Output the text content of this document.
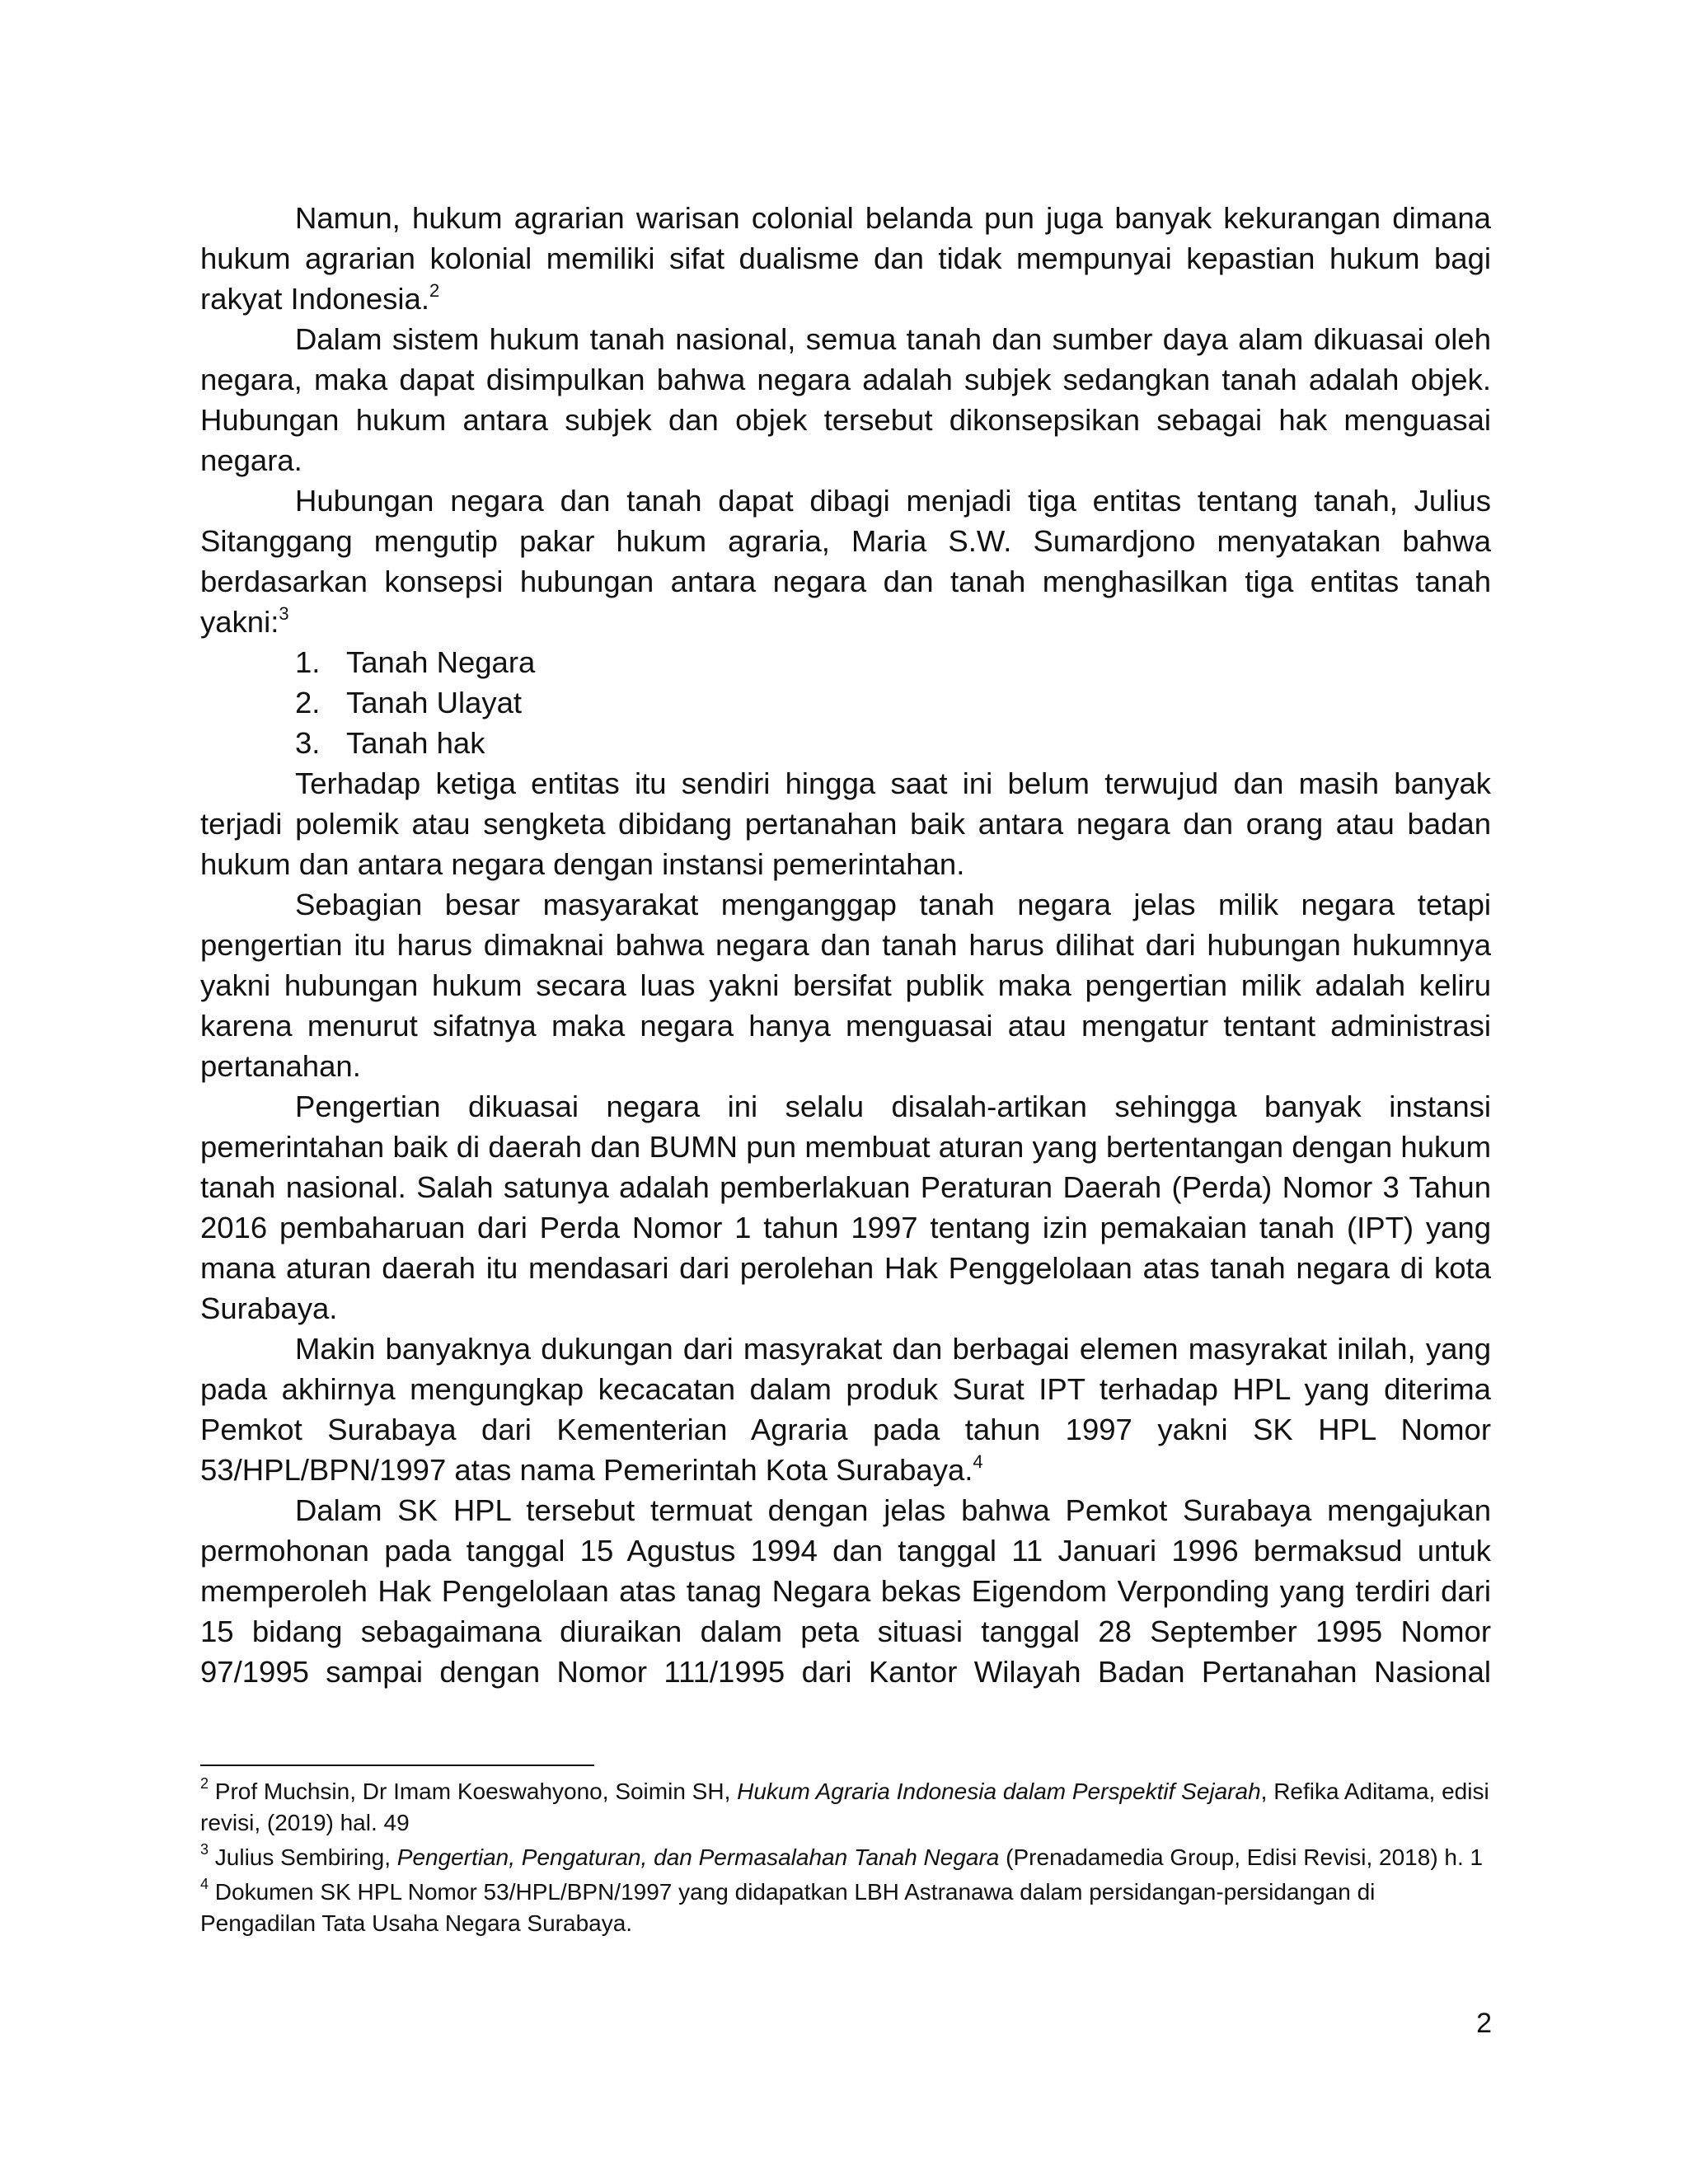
Namun, hukum agrarian warisan colonial belanda pun juga banyak kekurangan dimana hukum agrarian kolonial memiliki sifat dualisme dan tidak mempunyai kepastian hukum bagi rakyat Indonesia.$^2$

Dalam sistem hukum tanah nasional, semua tanah dan sumber daya alam dikuasai oleh negara, maka dapat disimpulkan bahwa negara adalah subjek sedangkan tanah adalah objek. Hubungan hukum antara subjek dan objek tersebut dikonsepsikan sebagai hak menguasai negara.

Hubungan negara dan tanah dapat dibagi menjadi tiga entitas tentang tanah, Julius Sitanggang mengutip pakar hukum agraria, Maria S.W. Sumardjono menyatakan bahwa berdasarkan konsepsi hubungan antara negara dan tanah menghasilkan tiga entitas tanah yakni:$^3$

1. Tanah Negara
2. Tanah Ulayat
3. Tanah hak

Terhadap ketiga entitas itu sendiri hingga saat ini belum terwujud dan masih banyak terjadi polemik atau sengketa dibidang pertanahan baik antara negara dan orang atau badan hukum dan antara negara dengan instansi pemerintahan.

Sebagian besar masyarakat menganggap tanah negara jelas milik negara tetapi pengertian itu harus dimaknai bahwa negara dan tanah harus dilihat dari hubungan hukumnya yakni hubungan hukum secara luas yakni bersifat publik maka pengertian milik adalah keliru karena menurut sifatnya maka negara hanya menguasai atau mengatur tentant administrasi pertanahan.

Pengertian dikuasai negara ini selalu disalah-artikan sehingga banyak instansi pemerintahan baik di daerah dan BUMN pun membuat aturan yang bertentangan dengan hukum tanah nasional. Salah satunya adalah pemberlakuan Peraturan Daerah (Perda) Nomor 3 Tahun 2016 pembaharuan dari Perda Nomor 1 tahun 1997 tentang izin pemakaian tanah (IPT) yang mana aturan daerah itu mendasari dari perolehan Hak Penggelolaan atas tanah negara di kota Surabaya.

Makin banyaknya dukungan dari masyrakat dan berbagai elemen masyrakat inilah, yang pada akhirnya mengungkap kecacatan dalam produk Surat IPT terhadap HPL yang diterima Pemkot Surabaya dari Kementerian Agraria pada tahun 1997 yakni SK HPL Nomor 53/HPL/BPN/1997 atas nama Pemerintah Kota Surabaya.$^4$

Dalam SK HPL tersebut termuat dengan jelas bahwa Pemkot Surabaya mengajukan permohonan pada tanggal 15 Agustus 1994 dan tanggal 11 Januari 1996 bermaksud untuk memperoleh Hak Pengelolaan atas tanag Negara bekas Eigendom Verponding yang terdiri dari 15 bidang sebagaimana diuraikan dalam peta situasi tanggal 28 September 1995 Nomor 97/1995 sampai dengan Nomor 111/1995 dari Kantor Wilayah Badan Pertanahan Nasional

$^2$ Prof Muchsin, Dr Imam Koeswahyono, Soimin SH, Hukum Agraria Indonesia dalam Perspektif Sejarah, Refika Aditama, edisi revisi, (2019) hal. 49

$^3$ Julius Sembiring, Pengertian, Pengaturan, dan Permasalahan Tanah Negara (Prenadamedia Group, Edisi Revisi, 2018) h. 1

$^4$ Dokumen SK HPL Nomor 53/HPL/BPN/1997 yang didapatkan LBH Astranawa dalam persidangan-persidangan di Pengadilan Tata Usaha Negara Surabaya.

2
